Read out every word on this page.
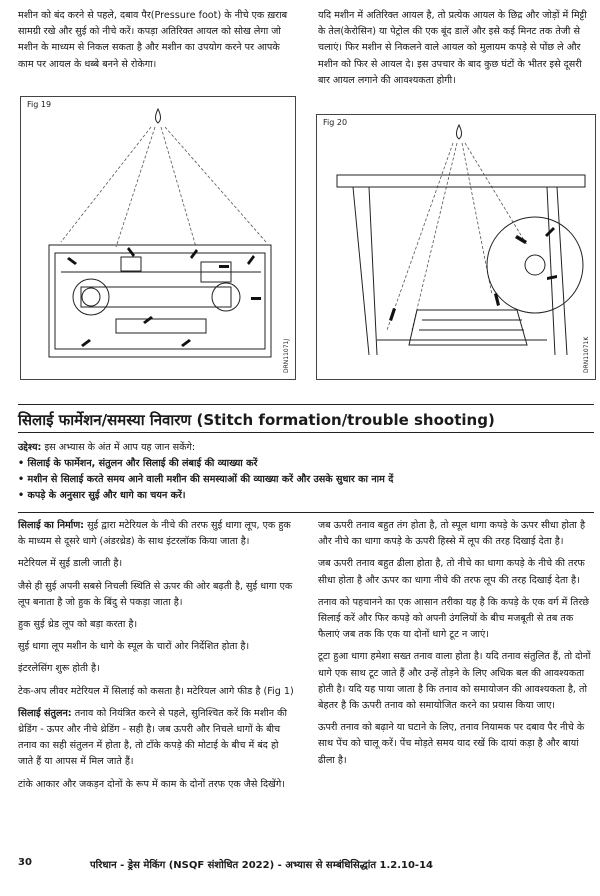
मशीन को बंद करने से पहले, दबाव पैर(Pressure foot) के नीचे एक ख़राब सामग्री रखे और सुई को नीचे करें। कपड़ा अतिरिक्त आयल को सोख लेगा जो मशीन के माध्यम से निकल सकता है और मशीन का उपयोग करने पर आपके काम पर आयल के धब्बे बनने से रोकेगा।

यदि मशीन में अतिरिक्त आयल है, तो प्रत्येक आयल के छिद्र और जोड़ों में मिट्टी के तेल(केरोसिन) या पेट्रोल की एक बूंद डालें और इसे कई मिनट तक तेजी से चलाएं। फिर मशीन से निकलने वाले आयल को मुलायम कपड़े से पोंछ ले और मशीन को फिर से आयल दे। इस उपचार के बाद कुछ घंटों के भीतर इसे दूसरी बार आयल लगाने की आवश्यकता होगी।

Fig 19
DRN11071J
Fig 20
DRN11071K
सिलाई फार्मेशन/समस्या निवारण (Stitch formation/trouble shooting)
उद्देश्य: इस अभ्यास के अंत में आप यह जान सकेंगे:
• सिलाई के फार्मेशन, संतुलन और सिलाई की लंबाई की व्याख्या करें
• मशीन से सिलाई करते समय आने वाली मशीन की समस्याओं की व्याख्या करें और उसके सुधार का नाम दें
• कपड़े के अनुसार सुई और धागे का चयन करें।

सिलाई का निर्माण: सुई द्वारा मटेरियल के नीचे की तरफ सुई धागा लूप, एक हुक के माध्यम से दूसरे धागे (अंडरथ्रेड) के साथ इंटरलॉक किया जाता है।

मटेरियल में सुई डाली जाती है।

जैसे ही सुई अपनी सबसे निचली स्थिति से ऊपर की ओर बढ़ती है, सुई धागा एक लूप बनाता है जो हुक के बिंदु से पकड़ा जाता है।

हुक सुई थ्रेड लूप को बड़ा करता है।

सुई धागा लूप मशीन के धागे के स्पूल के चारों ओर निर्देशित होता है।

इंटरलेसिंग शुरू होती है।

टेक-अप लीवर मटेरियल में सिलाई को कसता है। मटेरियल आगे फीड है (Fig 1)

सिलाई संतुलन: तनाव को नियंत्रित करने से पहले, सुनिश्चित करें कि मशीन की थ्रेडिंग - ऊपर और नीचे थ्रेडिंग - सही है। जब ऊपरी और निचले धागों के बीच तनाव का सही संतुलन में होता है, तो टाँके कपड़े की मोटाई के बीच में बंद हो जाते हैं या आपस में मिल जाते हैं।

टांके आकार और जकड़न दोनों के रूप में काम के दोनों तरफ एक जैसे दिखेंगे।

जब ऊपरी तनाव बहुत तंग होता है, तो स्पूल धागा कपड़े के ऊपर सीधा होता है और नीचे का धागा कपड़े के ऊपरी हिस्से में लूप की तरह दिखाई देता है।

जब ऊपरी तनाव बहुत ढीला होता है, तो नीचे का धागा कपड़े के नीचे की तरफ सीधा होता है और ऊपर का धागा नीचे की तरफ लूप की तरह दिखाई देता है।

तनाव को पहचानने का एक आसान तरीका यह है कि कपड़े के एक वर्ग में तिरछे सिलाई करें और फिर कपड़े को अपनी उंगलियों के बीच मजबूती से तब तक फैलाएं जब तक कि एक या दोनों धागे टूट न जाएं।

टूटा हुआ धागा हमेशा सख्त तनाव वाला होता है। यदि तनाव संतुलित हैं, तो दोनों धागे एक साथ टूट जाते हैं और उन्हें तोड़ने के लिए अधिक बल की आवश्यकता होती है। यदि यह पाया जाता है कि तनाव को समायोजन की आवश्यकता है, तो बेहतर है कि ऊपरी तनाव को समायोजित करने का प्रयास किया जाए।

ऊपरी तनाव को बढ़ाने या घटाने के लिए, तनाव नियामक पर दबाव पैर नीचे के साथ पेंच को चालू करें। पेंच मोड़ते समय याद रखें कि दायां कड़ा है और बायां ढीला है।

30	परिधान - ड्रेस मेकिंग (NSQF संशोधित 2022) - अभ्यास से सम्बंधिसिद्धांत 1.2.10-14
